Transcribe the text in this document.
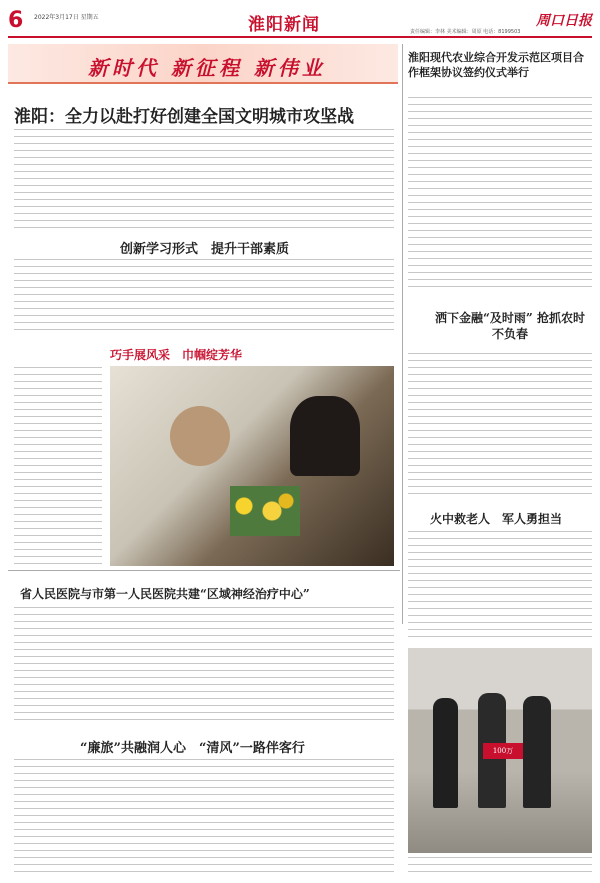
6 2022年3月17日 星期五	淮阳新闻	周口日报
责任编辑：李林 美术编辑：周原 电话：8199503
新时代 新征程 新伟业
淮阳：全力以赴打好创建全国文明城市攻坚战
淮阳现代农业综合开发示范区项目合作框架协议签约仪式举行
创新学习形式　提升干部素质
巧手展风采　巾帼绽芳华
洒下金融“及时雨” 抢抓农时不负春
火中救老人　军人勇担当
省人民医院与市第一人民医院共建“区域神经治疗中心”
“廉旅”共融润人心　“清风”一路伴客行	100万
